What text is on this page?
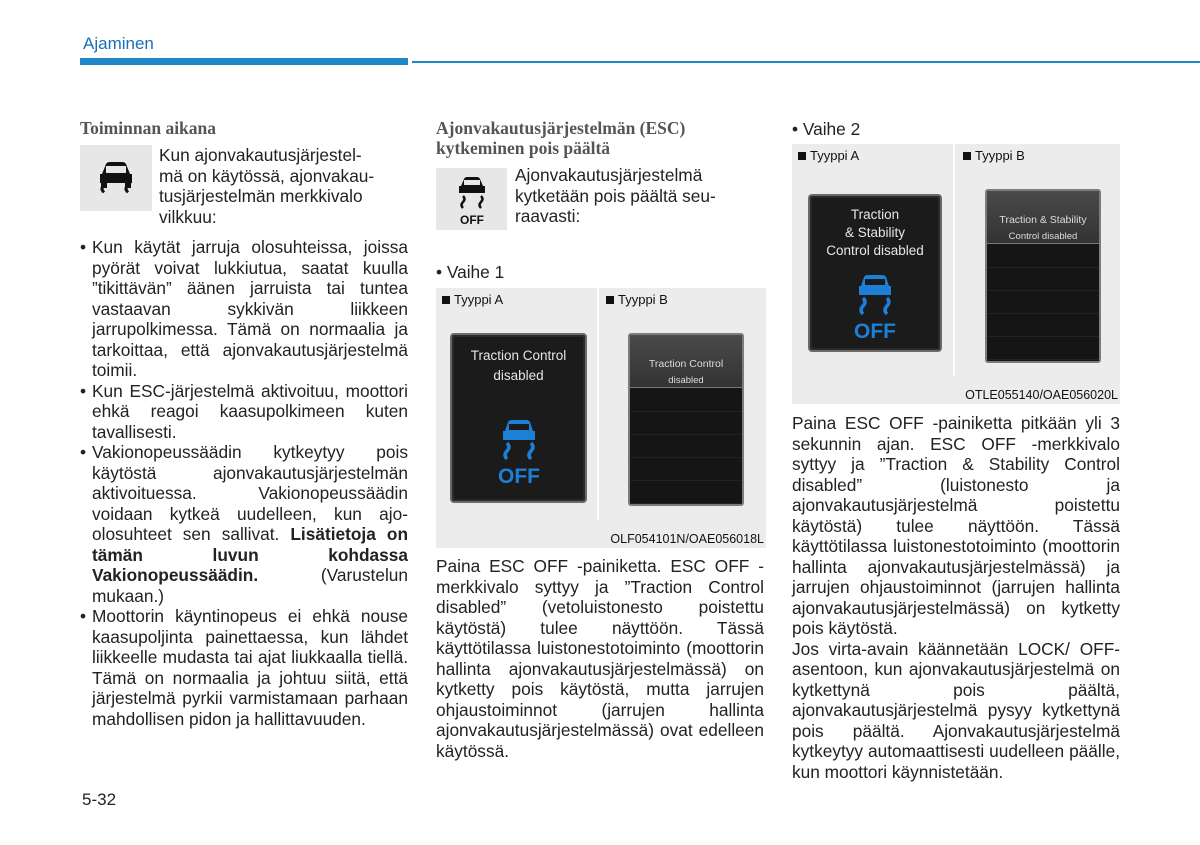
Ajaminen
Toiminnan aikana
Kun ajonvakautusjärjestel-
mä on käytössä, ajonvakau-
tusjärjestelmän merkkivalo
vilkkuu:
• Kun käytät jarruja olosuhteissa, joissa pyörät voivat lukkiutua, saatat kuulla ”tikittävän” äänen jarruista tai tuntea vastaavan sykkivän liikkeen jarrupolkimessa. Tämä on normaalia ja tarkoittaa, että ajonvakautusjärjestelmä toimii.
• Kun ESC-järjestelmä aktivoituu, moottori ehkä reagoi kaasupolkimeen kuten tavallisesti.
• Vakionopeussäädin kytkeytyy pois käytöstä ajonvakautusjärjestelmän aktivoituessa. Vakionopeussäädin voidaan kytkeä uudelleen, kun ajo-olosuhteet sen sallivat. Lisätietoja on tämän luvun kohdassa Vakionopeussäädin. (Varustelun mukaan.)
• Moottorin käyntinopeus ei ehkä nouse kaasupoljinta painettaessa, kun lähdet liikkeelle mudasta tai ajat liukkaalla tiellä. Tämä on normaalia ja johtuu siitä, että järjestelmä pyrkii varmistamaan parhaan mahdollisen pidon ja hallittavuuden.
5-32
Ajonvakautusjärjestelmän (ESC)
kytkeminen pois päältä
OFF
Ajonvakautusjärjestelmä
kytketään pois päältä seu-
raavasti:
• Vaihe 1
Tyyppi A	Tyyppi B
Traction Control
disabled
OFF
Traction Control
disabled
OLF054101N/OAE056018L
Paina ESC OFF -painiketta. ESC OFF -merkkivalo syttyy ja ”Traction Control disabled” (vetoluistonesto poistettu käytöstä) tulee näyttöön. Tässä käyttötilassa luistonestotoiminto (moottorin hallinta ajonvakautusjärjestelmässä) on kytketty pois käytöstä, mutta jarrujen ohjaustoiminnot (jarrujen hallinta ajonvakautusjärjestelmässä) ovat edelleen käytössä.
• Vaihe 2
Tyyppi A	Tyyppi B
Traction
& Stability
Control disabled
OFF
Traction & Stability
Control disabled
OTLE055140/OAE056020L
Paina ESC OFF -painiketta pitkään yli 3 sekunnin ajan. ESC OFF -merkkivalo syttyy ja ”Traction & Stability Control disabled” (luistonesto ja ajonvakautusjärjestelmä poistettu käytöstä) tulee näyttöön. Tässä käyttötilassa luistonestotoiminto (moottorin hallinta ajonvakautusjärjestelmässä) ja jarrujen ohjaustoiminnot (jarrujen hallinta ajonvakautusjärjestelmässä) on kytketty pois käytöstä.
Jos virta-avain käännetään LOCK/ OFF-asentoon, kun ajonvakautusjärjestelmä on kytkettynä pois päältä, ajonvakautusjärjestelmä pysyy kytkettynä pois päältä. Ajonvakautusjärjestelmä kytkeytyy automaattisesti uudelleen päälle, kun moottori käynnistetään.
